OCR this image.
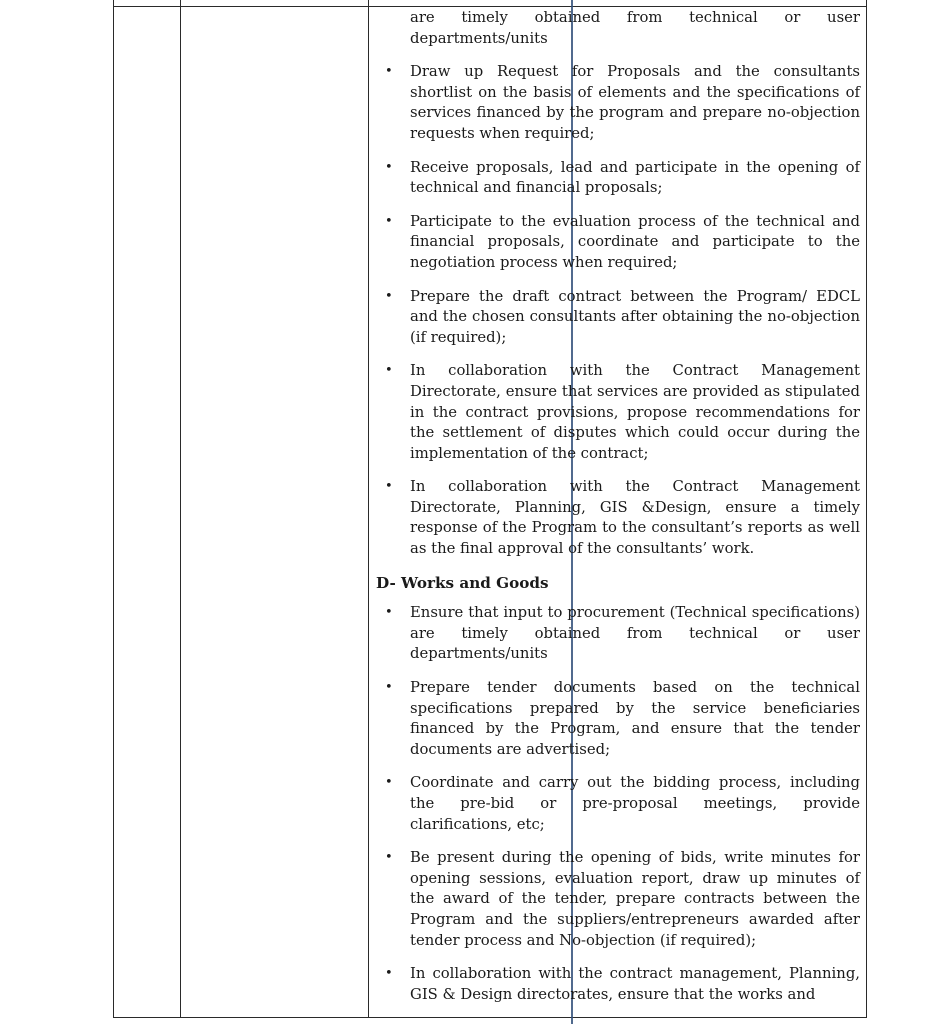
are timely obtained from technical or user departments/units

• Draw up Request for Proposals and the consultants shortlist on the basis of elements and the specifications of services financed by the program and prepare no-objection requests when required;
• Receive proposals, lead and participate in the opening of technical and financial proposals;
• Participate to the evaluation process of the technical and financial proposals, coordinate and participate to the negotiation process when required;
• Prepare the draft contract between the Program/ EDCL and the chosen consultants after obtaining the no-objection (if required);
• In collaboration with the Contract Management Directorate, ensure that services are provided as stipulated in the contract provisions, propose recommendations for the settlement of disputes which could occur during the implementation of the contract;
• In collaboration with the Contract Management Directorate, Planning, GIS &Design, ensure a timely response of the Program to the consultant’s reports as well as the final approval of the consultants’ work.
D- Works and Goods
• Ensure that input to procurement (Technical specifications) are timely obtained from technical or user departments/units
• Prepare tender documents based on the technical specifications prepared by the service beneficiaries financed by the Program, and ensure that the tender documents are advertised;
• Coordinate and carry out the bidding process, including the pre-bid or pre-proposal meetings, provide clarifications, etc;
• Be present during the opening of bids, write minutes for opening sessions, evaluation report, draw up minutes of the award of the tender, prepare contracts between the Program and the suppliers/entrepreneurs awarded after tender process and No-objection (if required);
• In collaboration with the contract management, Planning, GIS & Design directorates, ensure that the works and
